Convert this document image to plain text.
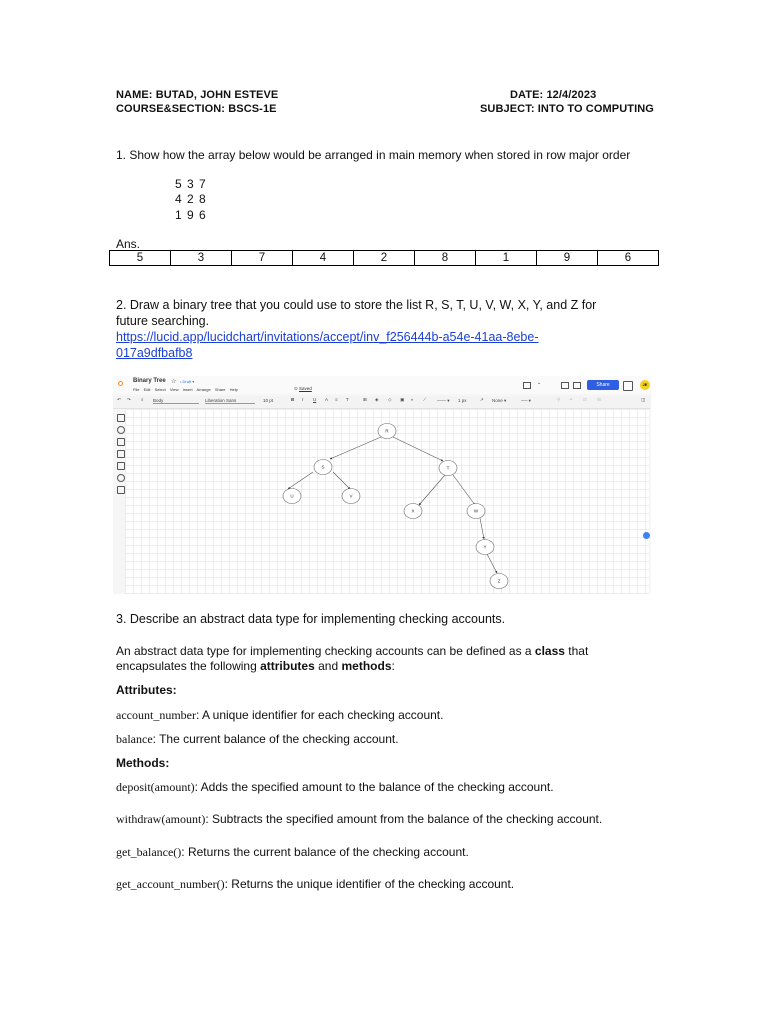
NAME: BUTAD, JOHN ESTEVE
COURSE&SECTION: BSCS-1E
DATE: 12/4/2023
SUBJECT: INTO TO COMPUTING
1. Show how the array below would be arranged in main memory when stored in row major order
5 3 7
4 2 8
1 9 6
Ans.
5	3	7	4	2	8	1	9	6
2. Draw a binary tree that you could use to store the list R, S, T, U, V, W, X, Y, and Z for
future searching.
https://lucid.app/lucidchart/invitations/accept/inv_f256444b-a54e-41aa-8ebe-
017a9dfbafb8
Binary Tree ☆ • Draft ▾
File Edit Select View Insert Arrange Share Help	⊙ Saved
⌄	Share	JE
↶ ↷ ⌕ Body	Liberation Sans	10 pt	B I U A ≡ T	⊞ ◈ ◇ ▣ ◐ ⟋ —— ▾ 1 px	↗ None ▾	── ▾	⚲ ⚭ ⊡ ⊟	◫
R
S	T
U	V
X	W
Y
Z
3. Describe an abstract data type for implementing checking accounts.
An abstract data type for implementing checking accounts can be defined as a class that
encapsulates the following attributes and methods:
Attributes:
account_number: A unique identifier for each checking account.
balance: The current balance of the checking account.
Methods:
deposit(amount): Adds the specified amount to the balance of the checking account.
withdraw(amount): Subtracts the specified amount from the balance of the checking account.
get_balance(): Returns the current balance of the checking account.
get_account_number(): Returns the unique identifier of the checking account.
